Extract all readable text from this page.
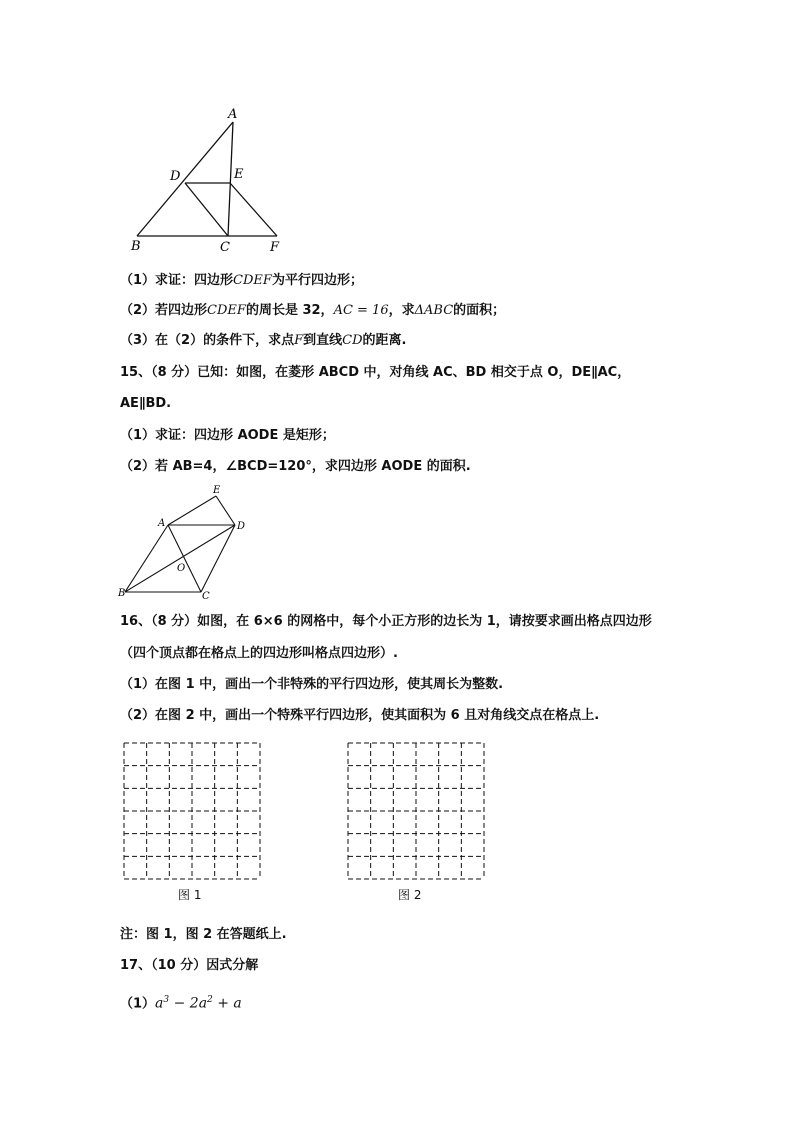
A
D	E
B	C	F
（1）求证：四边形CDEF为平行四边形；
（2）若四边形CDEF的周长是 32，AC = 16，求ΔABC的面积；
（3）在（2）的条件下，求点F到直线CD的距离.
15、（8 分）已知：如图，在菱形 ABCD 中，对角线 AC、BD 相交于点 O，DE∥AC，
AE∥BD.
（1）求证：四边形 AODE 是矩形；
（2）若 AB=4，∠BCD=120°，求四边形 AODE 的面积.
E
A	D
O
B	C
16、（8 分）如图，在 6×6 的网格中，每个小正方形的边长为 1，请按要求画出格点四边形
（四个顶点都在格点上的四边形叫格点四边形）.
（1）在图 1 中，画出一个非特殊的平行四边形，使其周长为整数.
（2）在图 2 中，画出一个特殊平行四边形，使其面积为 6 且对角线交点在格点上.
图 1	图 2
注：图 1，图 2 在答题纸上.
17、（10 分）因式分解
$(1)a^3 - 2a^2 + a$
